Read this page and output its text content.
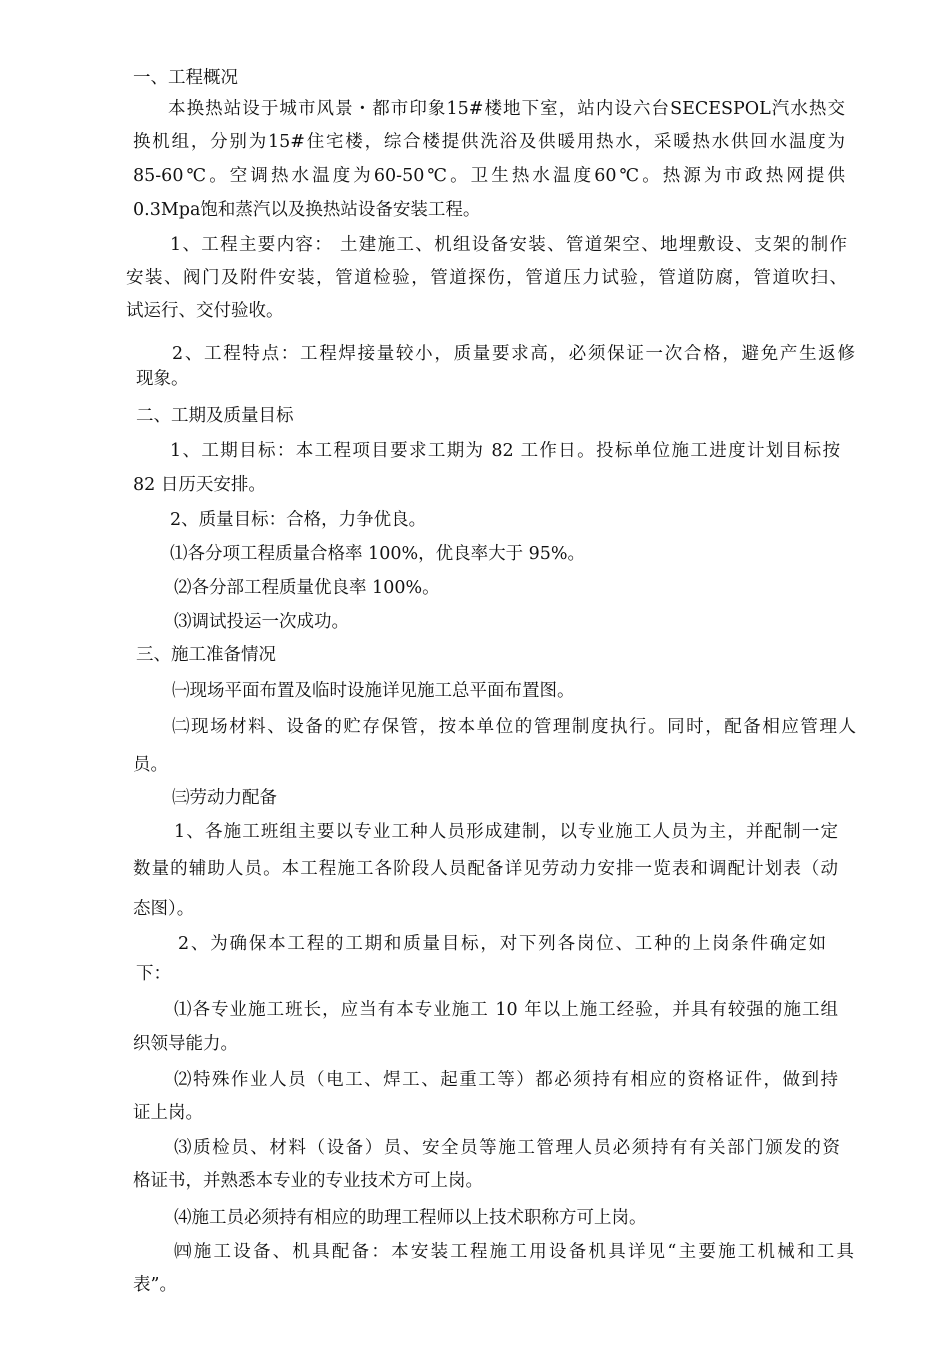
一、工程概况

本换热站设于城市风景・都市印象15#楼地下室，站内设六台SECESPOL汽水热交

换机组，分别为15#住宅楼，综合楼提供洗浴及供暖用热水，采暖热水供回水温度为

85-60℃。空调热水温度为60-50℃。卫生热水温度60℃。热源为市政热网提供

0.3Mpa饱和蒸汽以及换热站设备安装工程。

1、工程主要内容： 土建施工、机组设备安装、管道架空、地埋敷设、支架的制作

安装、阀门及附件安装，管道检验，管道探伤，管道压力试验，管道防腐，管道吹扫、

试运行、交付验收。

2、工程特点：工程焊接量较小，质量要求高，必须保证一次合格，避免产生返修

现象。

二、工期及质量目标

1、工期目标：本工程项目要求工期为 82 工作日。投标单位施工进度计划目标按

82 日历天安排。

2、质量目标：合格，力争优良。

⑴各分项工程质量合格率 100%，优良率大于 95%。

⑵各分部工程质量优良率 100%。

⑶调试投运一次成功。

三、施工准备情况

㈠现场平面布置及临时设施详见施工总平面布置图。

㈡现场材料、设备的贮存保管，按本单位的管理制度执行。同时，配备相应管理人

员。

㈢劳动力配备

1、各施工班组主要以专业工种人员形成建制，以专业施工人员为主，并配制一定

数量的辅助人员。本工程施工各阶段人员配备详见劳动力安排一览表和调配计划表（动

态图）。

2、为确保本工程的工期和质量目标，对下列各岗位、工种的上岗条件确定如

下：

⑴各专业施工班长，应当有本专业施工 10 年以上施工经验，并具有较强的施工组

织领导能力。

⑵特殊作业人员（电工、焊工、起重工等）都必须持有相应的资格证件，做到持

证上岗。

⑶质检员、材料（设备）员、安全员等施工管理人员必须持有有关部门颁发的资

格证书，并熟悉本专业的专业技术方可上岗。

⑷施工员必须持有相应的助理工程师以上技术职称方可上岗。

㈣施工设备、机具配备：本安装工程施工用设备机具详见“主要施工机械和工具

表”。
